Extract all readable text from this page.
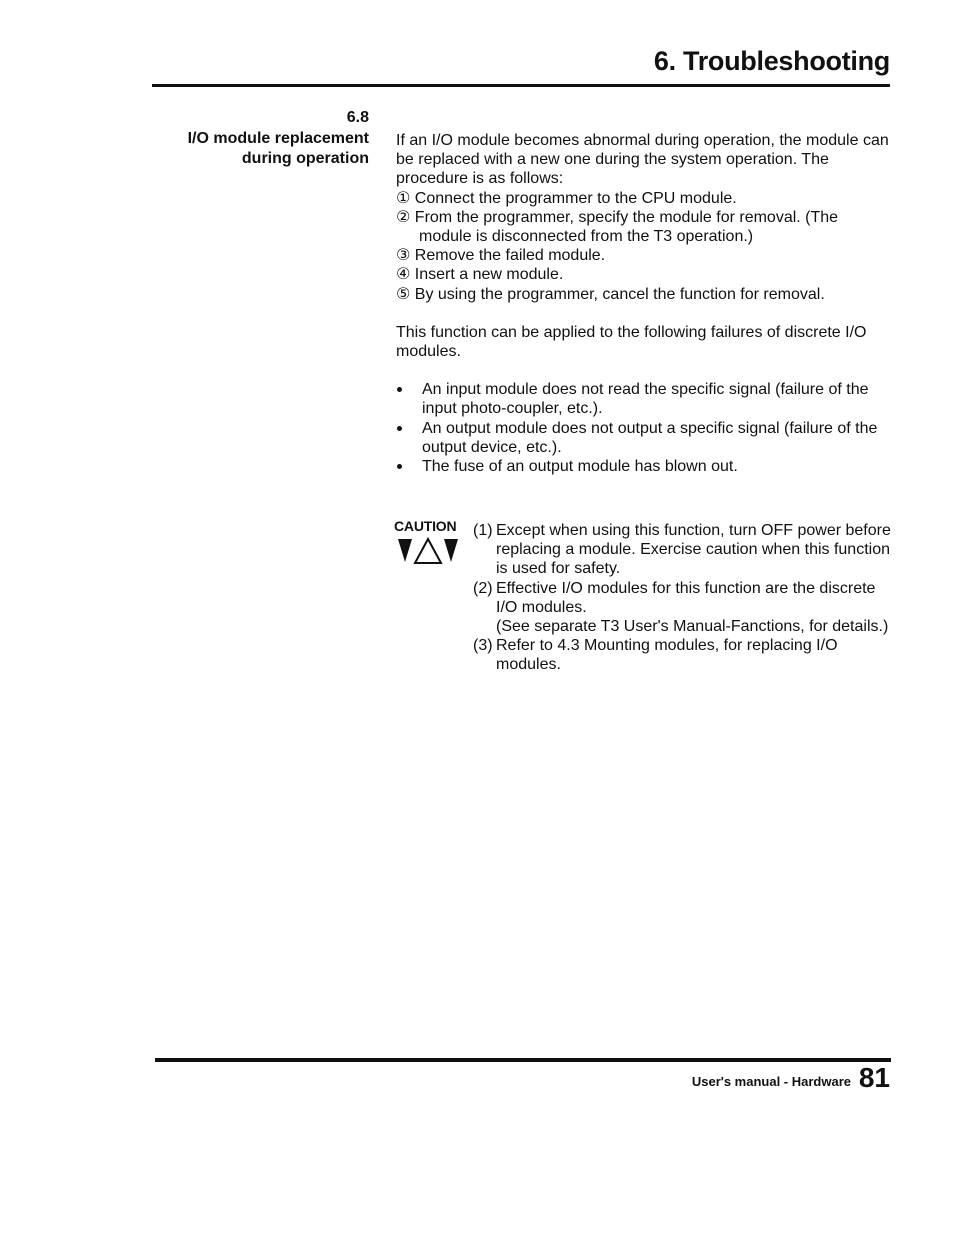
6. Troubleshooting
6.8
I/O module replacement
during operation

If an I/O module becomes abnormal during operation, the module can be replaced with a new one during the system operation. The procedure is as follows:

① Connect the programmer to the CPU module.

② From the programmer, specify the module for removal. (The module is disconnected from the T3 operation.)

③ Remove the failed module.

④ Insert a new module.

⑤ By using the programmer, cancel the function for removal.

This function can be applied to the following failures of discrete I/O modules.

An input module does not read the specific signal (failure of the input photo-coupler, etc.).
An output module does not output a specific signal (failure of the output device, etc.).
The fuse of an output module has blown out.
CAUTION (1) Except when using this function, turn OFF power before replacing a module. Exercise caution when this function is used for safety.
(2) Effective I/O modules for this function are the discrete I/O modules.
(See separate T3 User's Manual-Fanctions, for details.)
(3) Refer to 4.3 Mounting modules, for replacing I/O modules.
User's manual - Hardware 81
